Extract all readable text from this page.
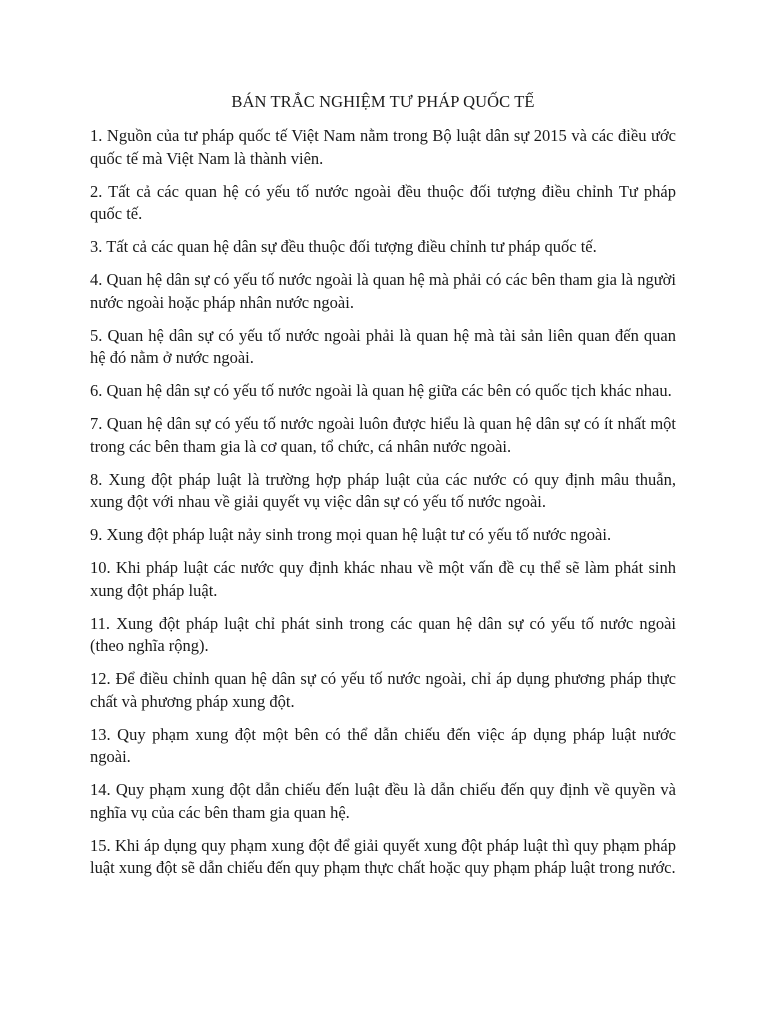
BÁN TRẮC NGHIỆM TƯ PHÁP QUỐC TẾ

1. Nguồn của tư pháp quốc tế Việt Nam nằm trong Bộ luật dân sự 2015 và các điều ước quốc tế mà Việt Nam là thành viên.

2. Tất cả các quan hệ có yếu tố nước ngoài đều thuộc đối tượng điều chỉnh Tư pháp quốc tế.

3. Tất cả các quan hệ dân sự đều thuộc đối tượng điều chỉnh tư pháp quốc tế.

4. Quan hệ dân sự có yếu tố nước ngoài là quan hệ mà phải có các bên tham gia là người nước ngoài hoặc pháp nhân nước ngoài.

5. Quan hệ dân sự có yếu tố nước ngoài phải là quan hệ mà tài sản liên quan đến quan hệ đó nằm ở nước ngoài.

6. Quan hệ dân sự có yếu tố nước ngoài là quan hệ giữa các bên có quốc tịch khác nhau.

7. Quan hệ dân sự có yếu tố nước ngoài luôn được hiểu là quan hệ dân sự có ít nhất một trong các bên tham gia là cơ quan, tổ chức, cá nhân nước ngoài.

8. Xung đột pháp luật là trường hợp pháp luật của các nước có quy định mâu thuẫn, xung đột với nhau về giải quyết vụ việc dân sự có yếu tố nước ngoài.

9. Xung đột pháp luật nảy sinh trong mọi quan hệ luật tư có yếu tố nước ngoài.

10. Khi pháp luật các nước quy định khác nhau về một vấn đề cụ thể sẽ làm phát sinh xung đột pháp luật.

11. Xung đột pháp luật chỉ phát sinh trong các quan hệ dân sự có yếu tố nước ngoài (theo nghĩa rộng).

12. Để điều chỉnh quan hệ dân sự có yếu tố nước ngoài, chỉ áp dụng phương pháp thực chất và phương pháp xung đột.

13. Quy phạm xung đột một bên có thể dẫn chiếu đến việc áp dụng pháp luật nước ngoài.

14. Quy phạm xung đột dẫn chiếu đến luật đều là dẫn chiếu đến quy định về quyền và nghĩa vụ của các bên tham gia quan hệ.

15. Khi áp dụng quy phạm xung đột để giải quyết xung đột pháp luật thì quy phạm pháp luật xung đột sẽ dẫn chiếu đến quy phạm thực chất hoặc quy phạm pháp luật trong nước.
